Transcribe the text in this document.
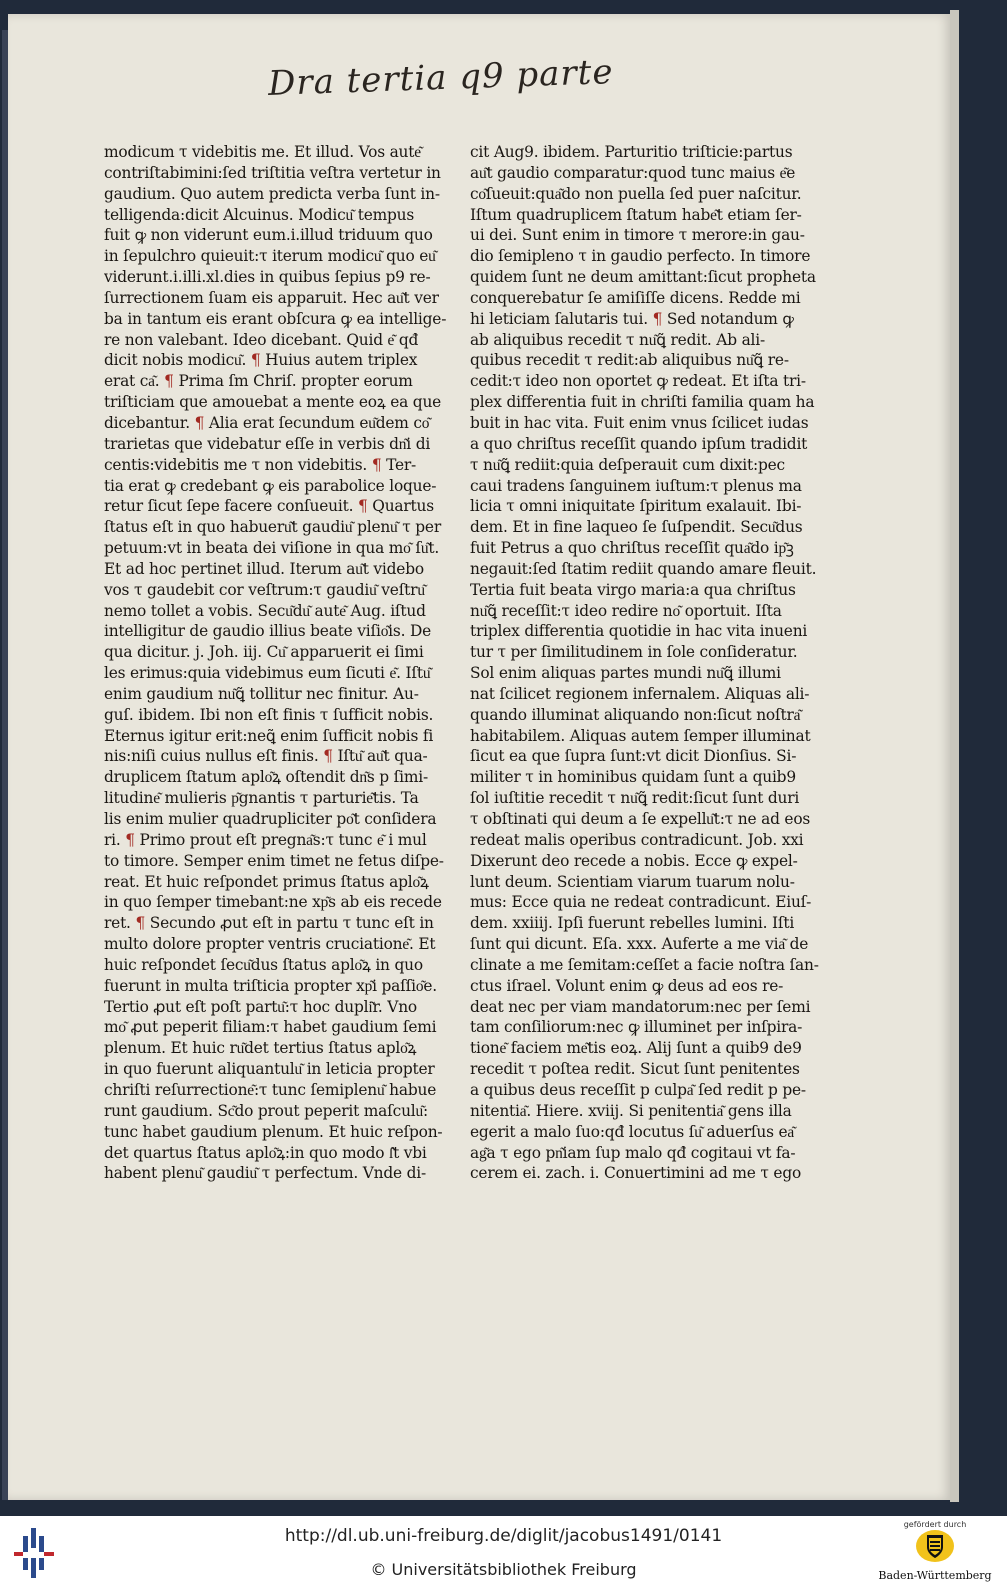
Dra tertia q9 parte
modicum τ videbitis me. Et illud. Vos aute͂
contriſtabimini:ſed triſtitia veſtra vertetur in
gaudium. Quo autem predicta verba ſunt in-
telligenda:dicit Alcuinus. Modicu͂ tempus
fuit ꝙ non viderunt eum.i.illud triduum quo
in ſepulchro quieuit:τ iterum modicu͂ quo eu͂
viderunt.i.illi.xl.dies in quibus ſepius p9 re-
ſurrectionem ſuam eis apparuit. Hec au͂t ver
ba in tantum eis erant obſcura ꝙ ea intellige-
re non valebant. Ideo dicebant. Quid e͂ qđ
dicit nobis modicu͂. ¶ Huius autem triplex
erat ca͂. ¶ Prima ſm Chriſ. propter eorum
triſticiam que amouebat a mente eoꝝ ea que
dicebantur. ¶ Alia erat ſecundum eu͂dem co͂
trarietas que videbatur eſſe in verbis dn͂i di
centis:videbitis me τ non videbitis. ¶ Ter-
tia erat ꝙ credebant ꝙ eis parabolice loque-
retur ſicut ſepe facere conſueuit. ¶ Quartus
ſtatus eſt in quo habueru͂t gaudiu͂ plenu͂ τ per
petuum:vt in beata dei viſione in qua mo͂ ſu͂t.
Et ad hoc pertinet illud. Iterum au͂t videbo
vos τ gaudebit cor veſtrum:τ gaudiu͂ veſtru͂
nemo tollet a vobis. Secu͂du͂ aute͂ Aug. iſtud
intelligitur de gaudio illius beate viſio͂is. De
qua dicitur. j. Joh. iij. Cu͂ apparuerit ei ſimi
les erimus:quia videbimus eum ſicuti e͂. Iſtu͂
enim gaudium nu͂ꝗ͂ tollitur nec finitur. Au-
guſ. ibidem. Ibi non eſt finis τ ſufficit nobis.
Eternus igitur erit:neꝗ͂ enim ſufficit nobis fi
nis:niſi cuius nullus eſt finis. ¶ Iſtu͂ au͂t qua-
druplicem ſtatum aplo͂ꝝ oſtendit dn͂s p ſimi-
litudine͂ mulieris p͂gnantis τ parturie͂tis. Ta
lis enim mulier quadrupliciter po͂t conſidera
ri. ¶ Primo prout eſt pregna͂s:τ tunc e͂ i mul
to timore. Semper enim timet ne fetus diſpe-
reat. Et huic reſpondet primus ſtatus aplo͂ꝝ
in quo ſemper timebant:ne xp͂s ab eis recede
ret. ¶ Secundo ꝓut eſt in partu τ tunc eſt in
multo dolore propter ventris cruciatione͂. Et
huic reſpondet ſecu͂dus ſtatus aplo͂ꝝ in quo
fuerunt in multa triſticia propter xp͂i paſſio͂e.
Tertio ꝓut eſt poſt partu͂:τ hoc dupli͂r. Vno
mo͂ ꝓut peperit filiam:τ habet gaudium ſemi
plenum. Et huic ru͂det tertius ſtatus aplo͂ꝝ
in quo fuerunt aliquantulu͂ in leticia propter
chriſti reſurrectione͂:τ tunc ſemiplenu͂ habue
runt gaudium. Sc͂do prout peperit maſculu͂:
tunc habet gaudium plenum. Et huic reſpon-
det quartus ſtatus aplo͂ꝝ:in quo modo ſ͂t vbi
habent plenu͂ gaudiu͂ τ perfectum. Vnde di-
cit Aug9. ibidem. Parturitio triſticie:partus
au͂t gaudio comparatur:quod tunc maius e͂e
co͂ſueuit:qua͂do non puella ſed puer naſcitur.
Iſtum quadruplicem ſtatum habe͂t etiam ſer-
ui dei. Sunt enim in timore τ merore:in gau-
dio ſemipleno τ in gaudio perfecto. In timore
quidem ſunt ne deum amittant:ſicut propheta
conquerebatur ſe amiſiſſe dicens. Redde mi
hi leticiam ſalutaris tui. ¶ Sed notandum ꝙ
ab aliquibus recedit τ nu͂ꝗ͂ redit. Ab ali-
quibus recedit τ redit:ab aliquibus nu͂ꝗ͂ re-
cedit:τ ideo non oportet ꝙ redeat. Et iſta tri-
plex differentia fuit in chriſti familia quam ha
buit in hac vita. Fuit enim vnus ſcilicet iudas
a quo chriſtus receſſit quando ipſum tradidit
τ nu͂ꝗ͂ rediit:quia deſperauit cum dixit:pec
caui tradens ſanguinem iuſtum:τ plenus ma
licia τ omni iniquitate ſpiritum exalauit. Ibi-
dem. Et in fine laqueo ſe ſuſpendit. Secu͂dus
fuit Petrus a quo chriſtus receſſit qua͂do ip͂ꝫ
negauit:ſed ſtatim rediit quando amare fleuit.
Tertia fuit beata virgo maria:a qua chriſtus
nu͂ꝗ͂ receſſit:τ ideo redire no͂ oportuit. Iſta
triplex differentia quotidie in hac vita inueni
tur τ per ſimilitudinem in ſole conſideratur.
Sol enim aliquas partes mundi nu͂ꝗ͂ illumi
nat ſcilicet regionem infernalem. Aliquas ali-
quando illuminat aliquando non:ſicut noſtra͂
habitabilem. Aliquas autem ſemper illuminat
ſicut ea que ſupra ſunt:vt dicit Dionſius. Si-
militer τ in hominibus quidam ſunt a quib9
ſol iuſtitie recedit τ nu͂ꝗ͂ redit:ſicut ſunt duri
τ obſtinati qui deum a ſe expellu͂t:τ ne ad eos
redeat malis operibus contradicunt. Job. xxi
Dixerunt deo recede a nobis. Ecce ꝙ expel-
lunt deum. Scientiam viarum tuarum nolu-
mus: Ecce quia ne redeat contradicunt. Eiuſ-
dem. xxiiij. Ipſi fuerunt rebelles lumini. Iſti
ſunt qui dicunt. Eſa. xxx. Auferte a me via͂ de
clinate a me ſemitam:ceſſet a facie noſtra ſan-
ctus iſrael. Volunt enim ꝙ deus ad eos re-
deat nec per viam mandatorum:nec per ſemi
tam conſiliorum:nec ꝙ illuminet per inſpira-
tione͂ faciem me͂tis eoꝝ. Alij ſunt a quib9 de9
recedit τ poſtea redit. Sicut ſunt penitentes
a quibus deus receſſit p culpa͂ ſed redit p pe-
nitentia͂. Hiere. xviij. Si penitentia͂ gens illa
egerit a malo ſuo:qđ locutus ſu͂ aduerſus ea͂
ag͂a τ ego pn͂iam ſup malo qđ cogitaui vt fa-
cerem ei. zach. i. Conuertimini ad me τ ego
http://dl.ub.uni-freiburg.de/diglit/jacobus1491/0141
© Universitätsbibliothek Freiburg
gefördert durch
Baden-Württemberg
